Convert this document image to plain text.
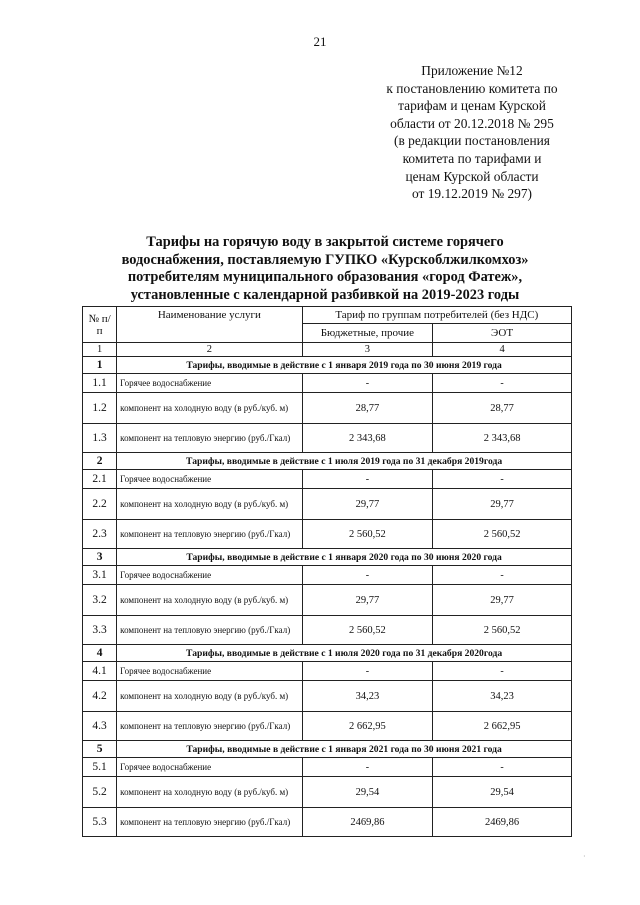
21
Приложение №12
к постановлению комитета по
тарифам и ценам Курской
области от 20.12.2018 № 295
(в редакции постановления
комитета по тарифами и
ценам Курской области
от 19.12.2019 № 297)
Тарифы на горячую воду в закрытой системе горячего
водоснабжения, поставляемую ГУПКО «Курскоблжилкомхоз»
потребителям муниципального образования «город Фатеж»,
установленные с календарной разбивкой на 2019-2023 годы
№ п/п	Наименование услуги	Тариф по группам потребителей (без НДС)	
		Бюджетные, прочие	ЭОТ
1	2	3	4
1	Тарифы, вводимые в действие с 1 января 2019 года по 30 июня 2019 года		
1.1	Горячее водоснабжение	-	-
1.2	компонент на холодную воду (в руб./куб. м)	28,77	28,77
1.3	компонент на тепловую энергию (руб./Гкал)	2 343,68	2 343,68
2	Тарифы, вводимые в действие с 1 июля 2019 года по 31 декабря 2019года		
2.1	Горячее водоснабжение	-	-
2.2	компонент на холодную воду (в руб./куб. м)	29,77	29,77
2.3	компонент на тепловую энергию (руб./Гкал)	2 560,52	2 560,52
3	Тарифы, вводимые в действие с 1 января 2020 года по 30 июня 2020 года		
3.1	Горячее водоснабжение	-	-
3.2	компонент на холодную воду (в руб./куб. м)	29,77	29,77
3.3	компонент на тепловую энергию (руб./Гкал)	2 560,52	2 560,52
4	Тарифы, вводимые в действие с 1 июля 2020 года по 31 декабря 2020года		
4.1	Горячее водоснабжение	-	-
4.2	компонент на холодную воду (в руб./куб. м)	34,23	34,23
4.3	компонент на тепловую энергию (руб./Гкал)	2 662,95	2 662,95
5	Тарифы, вводимые в действие с 1 января 2021 года по 30 июня 2021 года		
5.1	Горячее водоснабжение	-	-
5.2	компонент на холодную воду (в руб./куб. м)	29,54	29,54
5.3	компонент на тепловую энергию (руб./Гкал)	2469,86	2469,86
·
